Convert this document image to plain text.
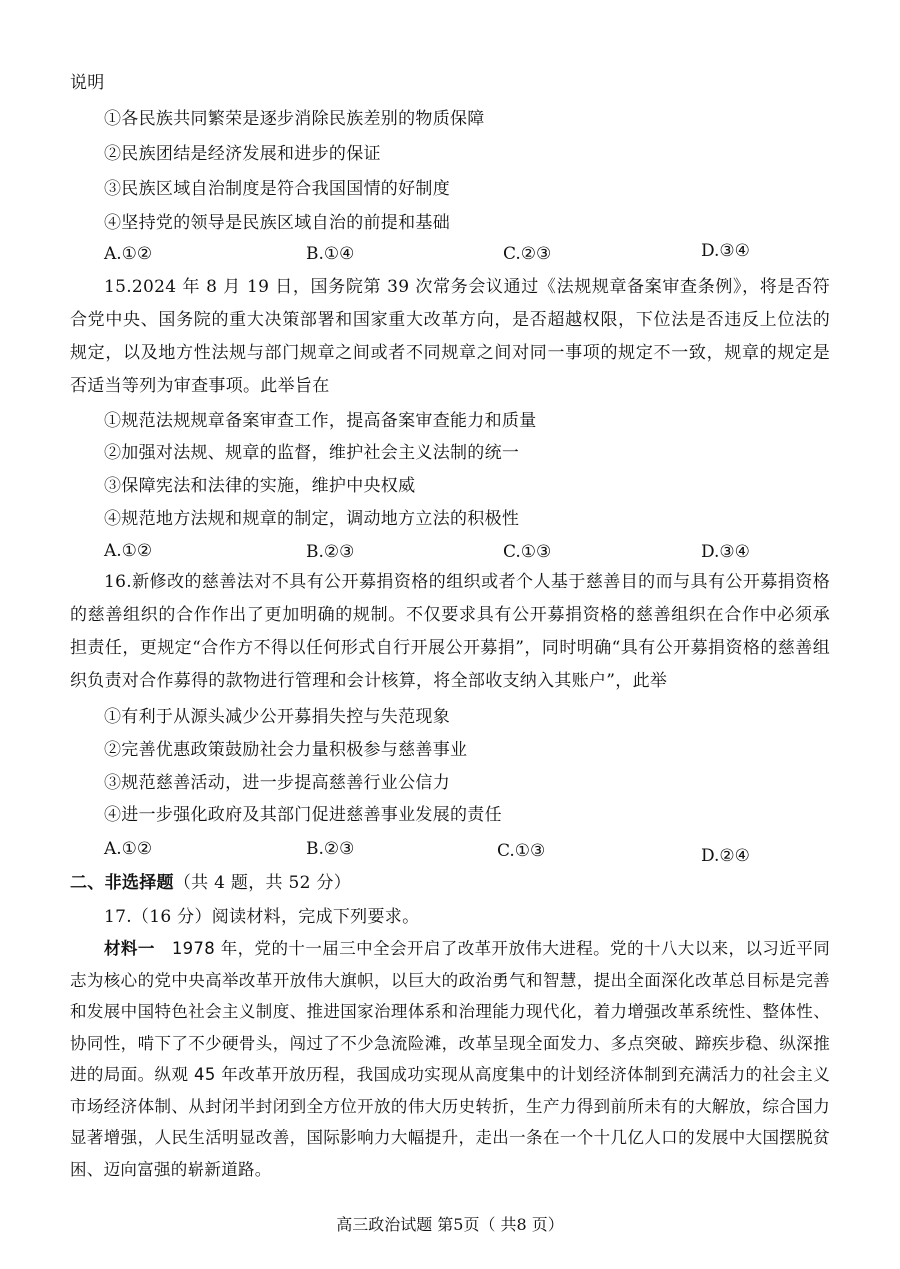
说明
①各民族共同繁荣是逐步消除民族差别的物质保障
②民族团结是经济发展和进步的保证
③民族区域自治制度是符合我国国情的好制度
④坚持党的领导是民族区域自治的前提和基础
A.①②	B.①④	C.②③	D.③④
15.2024 年 8 月 19 日，国务院第 39 次常务会议通过《法规规章备案审查条例》，将是否符合党中央、国务院的重大决策部署和国家重大改革方向，是否超越权限，下位法是否违反上位法的规定，以及地方性法规与部门规章之间或者不同规章之间对同一事项的规定不一致，规章的规定是否适当等列为审查事项。此举旨在
①规范法规规章备案审查工作，提高备案审查能力和质量
②加强对法规、规章的监督，维护社会主义法制的统一
③保障宪法和法律的实施，维护中央权威
④规范地方法规和规章的制定，调动地方立法的积极性
A.①②	B.②③	C.①③	D.③④
16.新修改的慈善法对不具有公开募捐资格的组织或者个人基于慈善目的而与具有公开募捐资格的慈善组织的合作作出了更加明确的规制。不仅要求具有公开募捐资格的慈善组织在合作中必须承担责任，更规定“合作方不得以任何形式自行开展公开募捐”，同时明确“具有公开募捐资格的慈善组织负责对合作募得的款物进行管理和会计核算，将全部收支纳入其账户”，此举
①有利于从源头减少公开募捐失控与失范现象
②完善优惠政策鼓励社会力量积极参与慈善事业
③规范慈善活动，进一步提高慈善行业公信力
④进一步强化政府及其部门促进慈善事业发展的责任
A.①②	B.②③	C.①③	D.②④
二、非选择题（共 4 题，共 52 分）
17.（16 分）阅读材料，完成下列要求。
材料一 1978 年，党的十一届三中全会开启了改革开放伟大进程。党的十八大以来，以习近平同志为核心的党中央高举改革开放伟大旗帜，以巨大的政治勇气和智慧，提出全面深化改革总目标是完善和发展中国特色社会主义制度、推进国家治理体系和治理能力现代化，着力增强改革系统性、整体性、协同性，啃下了不少硬骨头，闯过了不少急流险滩，改革呈现全面发力、多点突破、蹄疾步稳、纵深推进的局面。纵观 45 年改革开放历程，我国成功实现从高度集中的计划经济体制到充满活力的社会主义市场经济体制、从封闭半封闭到全方位开放的伟大历史转折，生产力得到前所未有的大解放，综合国力显著增强，人民生活明显改善，国际影响力大幅提升，走出一条在一个十几亿人口的发展中大国摆脱贫困、迈向富强的崭新道路。
高三政治试题 第5页（ 共8 页）
